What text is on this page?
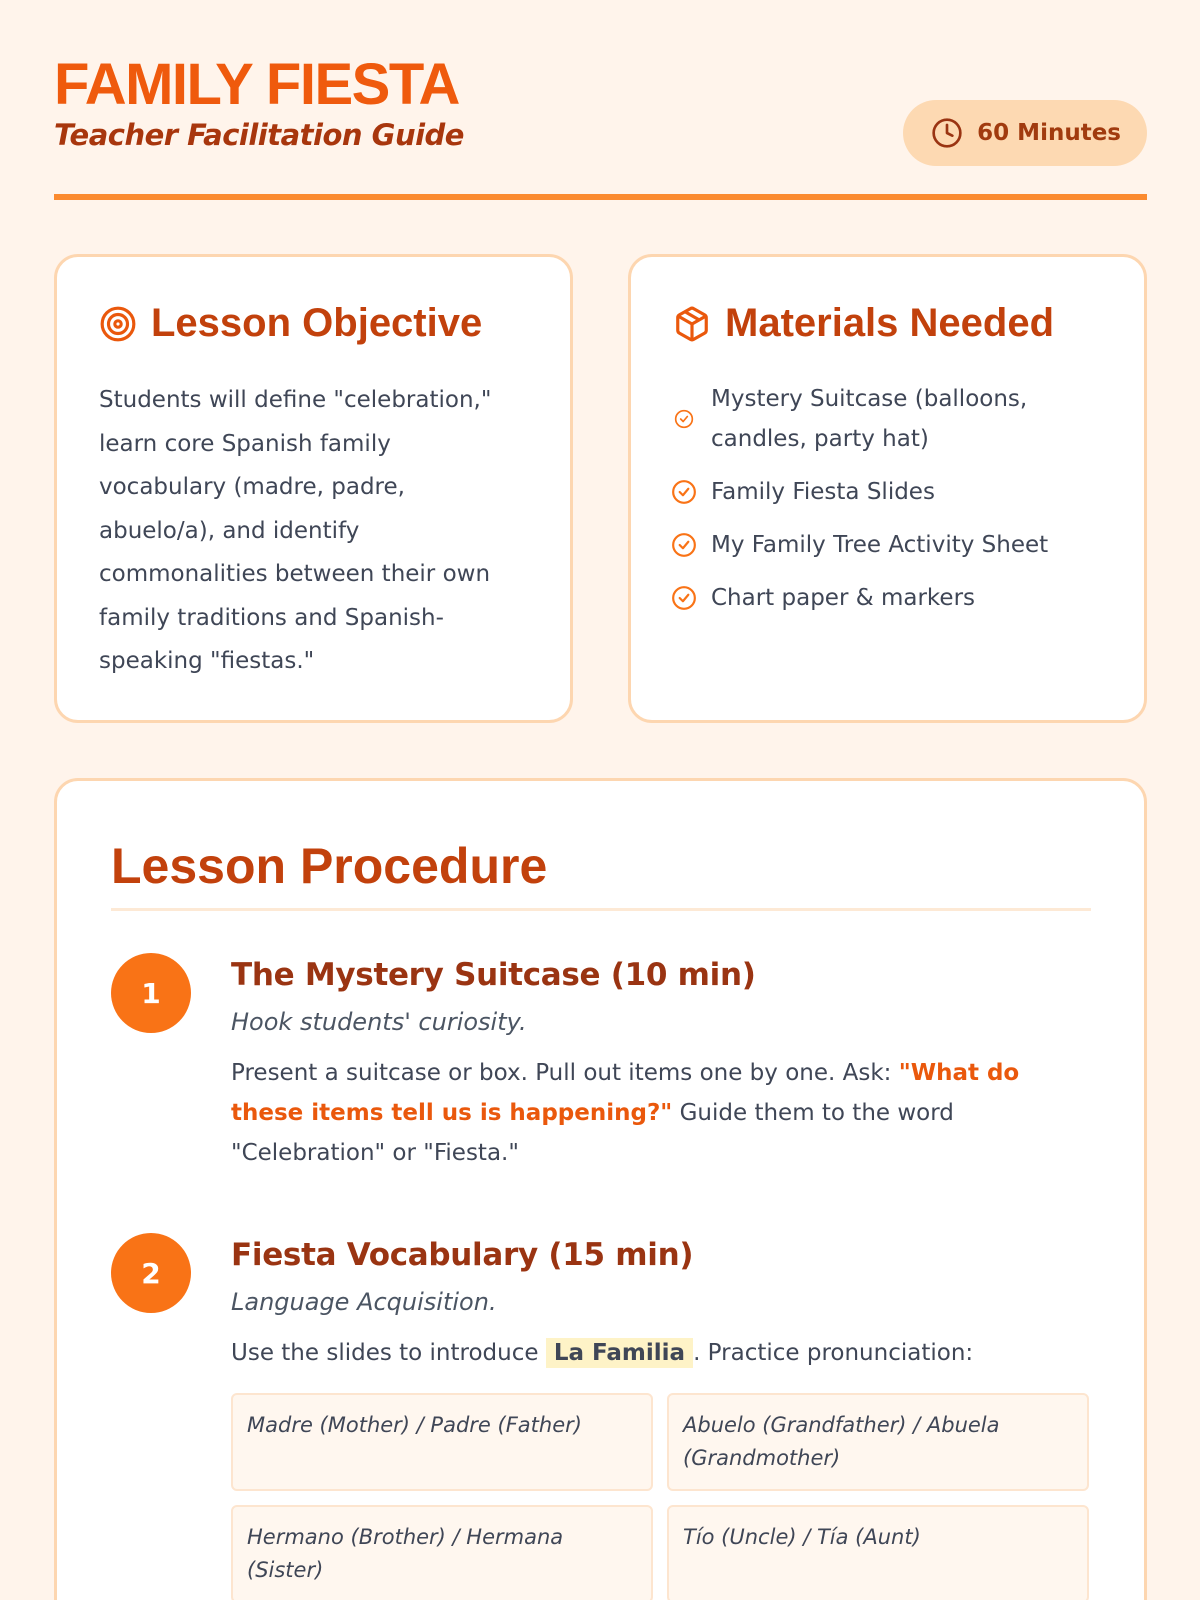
FAMILY FIESTA
Teacher Facilitation Guide	60 Minutes
Lesson Objective

Students will define "celebration," learn core Spanish family vocabulary (madre, padre, abuelo/a), and identify commonalities between their own family traditions and Spanish-speaking "fiestas."

Materials Needed
Mystery Suitcase (balloons, candles, party hat)
Family Fiesta Slides
My Family Tree Activity Sheet
Chart paper & markers
Lesson Procedure
1	The Mystery Suitcase (10 min)
Hook students' curiosity.

Present a suitcase or box. Pull out items one by one. Ask: "What do these items tell us is happening?" Guide them to the word "Celebration" or "Fiesta."

2	Fiesta Vocabulary (15 min)
Language Acquisition.

Use the slides to introduce La Familia . Practice pronunciation:

Madre (Mother) / Padre (Father)	Abuelo (Grandfather) / Abuela (Grandmother)
Hermano (Brother) / Hermana (Sister)
Tío (Uncle) / Tía (Aunt)
